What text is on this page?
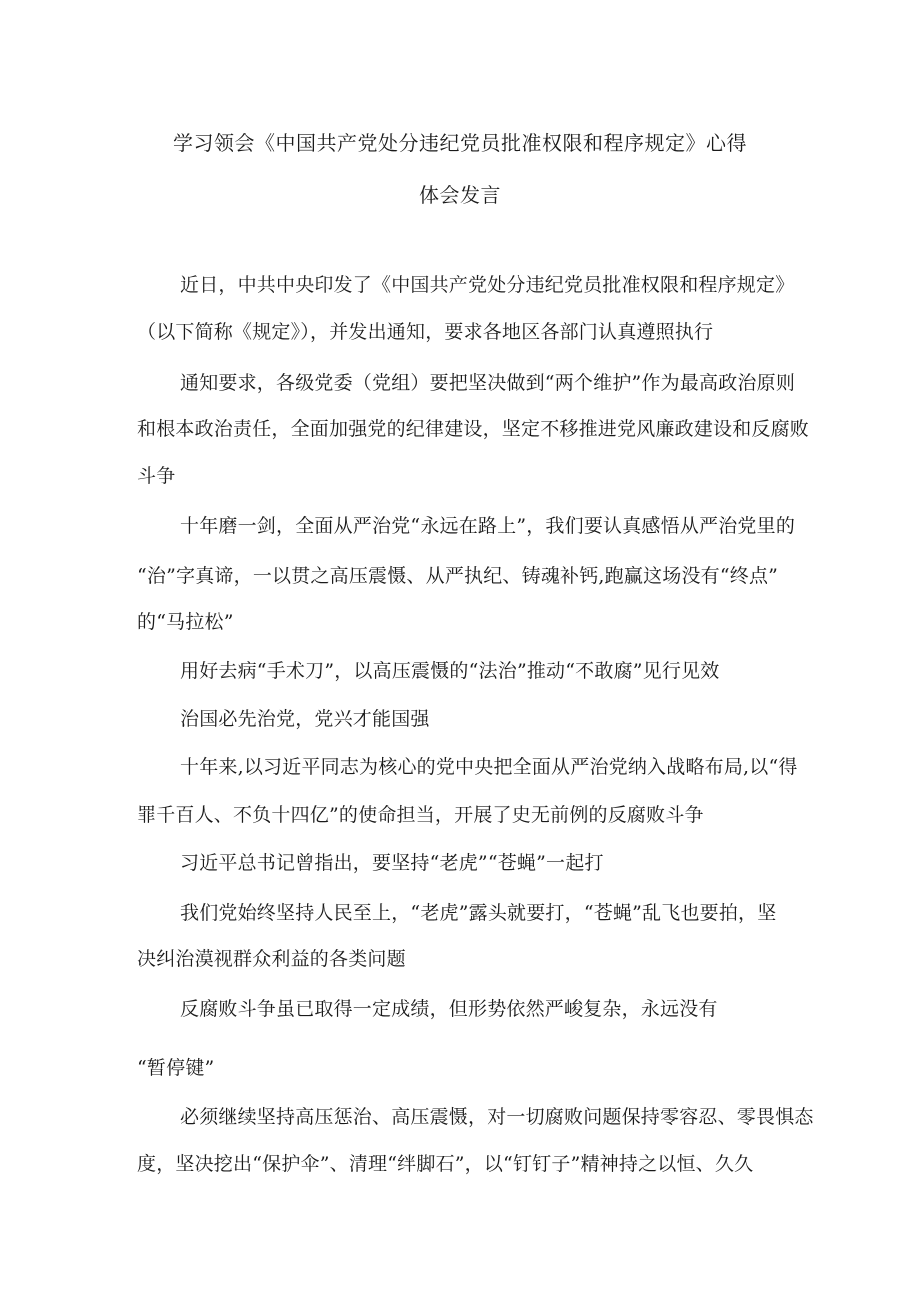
学习领会《中国共产党处分违纪党员批准权限和程序规定》心得
体会发言
近日，中共中央印发了《中国共产党处分违纪党员批准权限和程序规定》
（以下简称《规定》），并发出通知，要求各地区各部门认真遵照执行
通知要求，各级党委（党组）要把坚决做到“两个维护”作为最高政治原则
和根本政治责任，全面加强党的纪律建设，坚定不移推进党风廉政建设和反腐败
斗争
十年磨一剑，全面从严治党“永远在路上”，我们要认真感悟从严治党里的
“治”字真谛，一以贯之高压震慑、从严执纪、铸魂补钙,跑赢这场没有“终点”
的“马拉松”
用好去病“手术刀”，以高压震慑的“法治”推动“不敢腐”见行见效
治国必先治党，党兴才能国强
十年来,以习近平同志为核心的党中央把全面从严治党纳入战略布局,以“得
罪千百人、不负十四亿”的使命担当，开展了史无前例的反腐败斗争
习近平总书记曾指出，要坚持“老虎”“苍蝇”一起打
我们党始终坚持人民至上，“老虎”露头就要打，“苍蝇”乱飞也要拍，坚
决纠治漠视群众利益的各类问题
反腐败斗争虽已取得一定成绩，但形势依然严峻复杂，永远没有
“暂停键”
必须继续坚持高压惩治、高压震慑，对一切腐败问题保持零容忍、零畏惧态
度，坚决挖出“保护伞”、清理“绊脚石”，以“钉钉子”精神持之以恒、久久
